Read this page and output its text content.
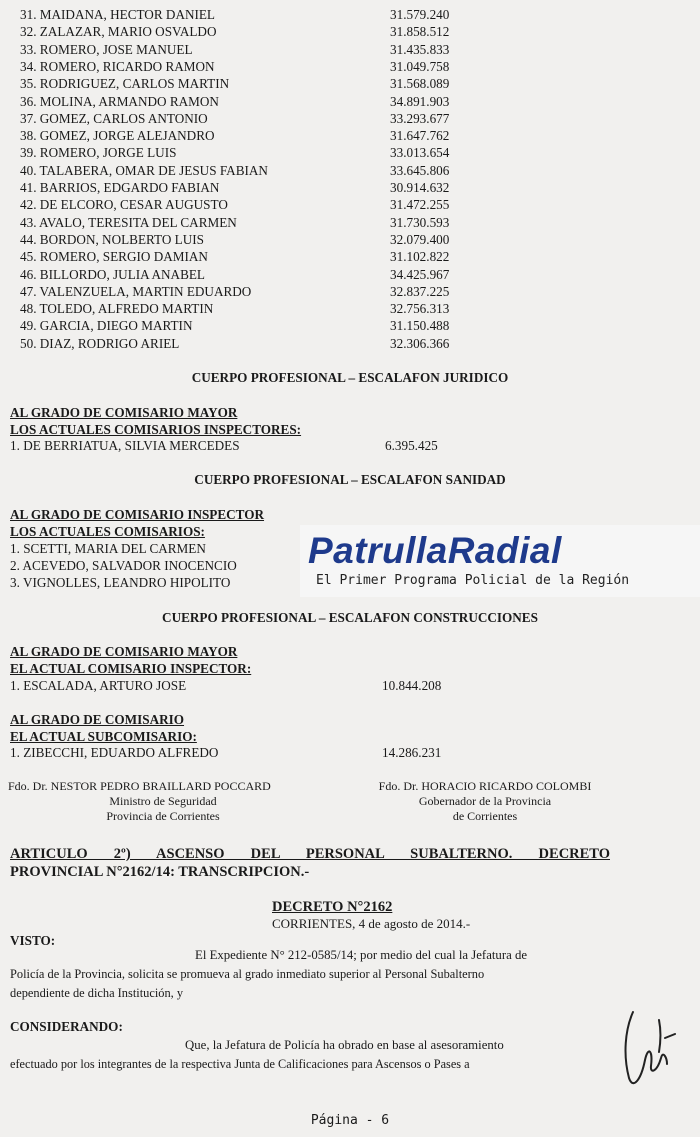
31. MAIDANA, HECTOR DANIEL	31.579.240
32. ZALAZAR, MARIO OSVALDO	31.858.512
33. ROMERO, JOSE MANUEL	31.435.833
34. ROMERO, RICARDO RAMON	31.049.758
35. RODRIGUEZ, CARLOS MARTIN	31.568.089
36. MOLINA, ARMANDO RAMON	34.891.903
37. GOMEZ, CARLOS ANTONIO	33.293.677
38. GOMEZ, JORGE ALEJANDRO	31.647.762
39. ROMERO, JORGE LUIS	33.013.654
40. TALABERA, OMAR DE JESUS FABIAN	33.645.806
41. BARRIOS, EDGARDO FABIAN	30.914.632
42. DE ELCORO, CESAR AUGUSTO	31.472.255
43. AVALO, TERESITA DEL CARMEN	31.730.593
44. BORDON, NOLBERTO LUIS	32.079.400
45. ROMERO, SERGIO DAMIAN	31.102.822
46. BILLORDO, JULIA ANABEL	34.425.967
47. VALENZUELA, MARTIN EDUARDO	32.837.225
48. TOLEDO, ALFREDO MARTIN	32.756.313
49. GARCIA, DIEGO MARTIN	31.150.488
50. DIAZ, RODRIGO ARIEL	32.306.366
CUERPO PROFESIONAL – ESCALAFON JURIDICO
AL GRADO DE COMISARIO MAYOR
LOS ACTUALES COMISARIOS INSPECTORES:
1. DE BERRIATUA, SILVIA MERCEDES	6.395.425
CUERPO PROFESIONAL – ESCALAFON SANIDAD
AL GRADO DE COMISARIO INSPECTOR
LOS ACTUALES COMISARIOS:
1. SCETTI, MARIA DEL CARMEN
2. ACEVEDO, SALVADOR INOCENCIO
3. VIGNOLLES, LEANDRO HIPOLITO
PatrullaRadial
El Primer Programa Policial de la Región
CUERPO PROFESIONAL – ESCALAFON CONSTRUCCIONES
AL GRADO DE COMISARIO MAYOR
EL ACTUAL COMISARIO INSPECTOR:
1. ESCALADA, ARTURO JOSE	10.844.208
AL GRADO DE COMISARIO
EL ACTUAL SUBCOMISARIO:
1. ZIBECCHI, EDUARDO ALFREDO	14.286.231
Fdo. Dr. NESTOR PEDRO BRAILLARD POCCARD
Ministro de Seguridad
Provincia de Corrientes
Fdo. Dr. HORACIO RICARDO COLOMBI
Gobernador de la Provincia
de Corrientes
ARTICULO 2º) ASCENSO DEL PERSONAL SUBALTERNO. DECRETO
PROVINCIAL N°2162/14: TRANSCRIPCION.-
DECRETO N°2162
CORRIENTES, 4 de agosto de 2014.-
VISTO:
El Expediente N° 212-0585/14; por medio del cual la Jefatura de
Policía de la Provincia, solicita se promueva al grado inmediato superior al Personal Subalterno
dependiente de dicha Institución, y
CONSIDERANDO:
Que, la Jefatura de Policía ha obrado en base al asesoramiento
efectuado por los integrantes de la respectiva Junta de Calificaciones para Ascensos o Pases a
Página - 6
